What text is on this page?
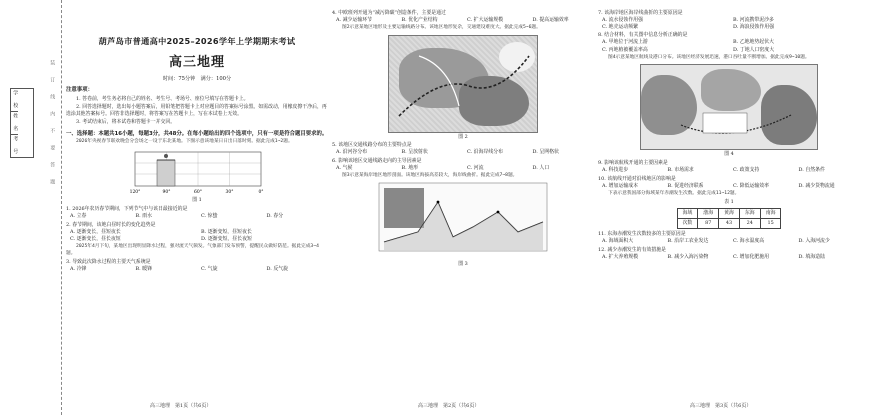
学 校
姓 名
考 号	装订线内不要答题
葫芦岛市普通高中2025–2026学年上学期期末考试
高三地理
时间：75分钟　满分：100分
注意事项：
1. 答卷前，考生务必将自己的姓名、考生号、考场号、座位号填写在答题卡上。
2. 回答选择题时，选出每小题答案后，用铅笔把答题卡上对应题目的答案标号涂黑。如需改动，用橡皮擦干净后，再选涂其他答案标号。回答非选择题时，将答案写在答题卡上，写在本试卷上无效。
3. 考试结束后，将本试卷和答题卡一并交回。
一、选择题：本题共16小题，每题3分，共48分。在每小题给出的四个选项中，只有一项是符合题目要求的。
2026年央视春节联欢晚会分会场之一设于东北某地。下图示意该地某日日出日落时刻。据此完成1~2题。
120°	90°	60°	30°	0°
图 1
1. 2026年农历春节期间，下列节气中与该日最接近的是
A. 立春	B. 雨水	C. 惊蛰	D. 春分
2. 春节期间，该地白昼时长的变化趋势是
A. 逐渐变长，昼短夜长	B. 逐渐变短，昼短夜长
C. 逐渐变长，昼长夜短	D. 逐渐变短，昼长夜短
2025年4月下旬，某地区出现明显降水过程，强对流天气频发。气象部门发布预警，提醒民众做好防范。据此完成3~4题。
3. 导致此次降水过程的主要天气系统是
A. 冷锋	B. 暖锋	C. 气旋	D. 反气旋
高三地理　第1页（共6页）
4. 中欧班列开通为“减污降碳”创造条件，主要是通过
A. 减少运输环节	B. 优化产业结构	C. 扩大运输规模	D. 提高运输效率
图2示意某地区地形及主要运输线路分布。该地区地形复杂，交通建设难度大。据此完成5~6题。
图 2
5. 该地区交通线路分布的主要特点是
A. 沿河谷分布	B. 呈放射状	C. 沿海岸线分布	D. 呈网格状
6. 影响该地区交通线路走向的主导因素是
A. 气候	B. 地形	C. 河流	D. 人口
图3示意某海岸地区地形剖面。该地区海拔高差较大，海岸线曲折。据此完成7~8题。
图 3
高三地理　第2页（共6页）
7. 该海岸地区海岸线曲折的主要原因是
A. 流水侵蚀作用强	B. 河流携带泥沙多
C. 地壳运动频繁	D. 海浪侵蚀作用强
8. 结合材料，有关图中信息分析正确的是
A. 甲地位于河流上游	B. 乙地地势起伏大
C. 丙地植被覆盖率高	D. 丁地人口密度大
图4示意某地区航线及港口分布。该地区经济发展迅速，港口吞吐量不断增加。据此完成9~10题。
图 4
9. 影响该航线开通的主要因素是
A. 科技进步	B. 市场需求	C. 政策支持	D. 自然条件
10. 该航线开通对沿线地区的影响是
A. 增加运输成本	B. 促进经济联系	C. 降低运输效率	D. 减少货物流通
下表示意我国部分海域某年赤潮发生次数。据此完成11~12题。
表 1
海域	渤海	黄海	东海	南海
次数	87	43	24	15
11. 东海赤潮发生次数较多的主要原因是
A. 海域面积大	B. 沿岸工农业发达	C. 海水温度高	D. 入海河流少
12. 减少赤潮发生的有效措施是
A. 扩大养殖规模	B. 减少入海污染物	C. 增加化肥施用	D. 填海造陆
高三地理　第3页（共6页）
